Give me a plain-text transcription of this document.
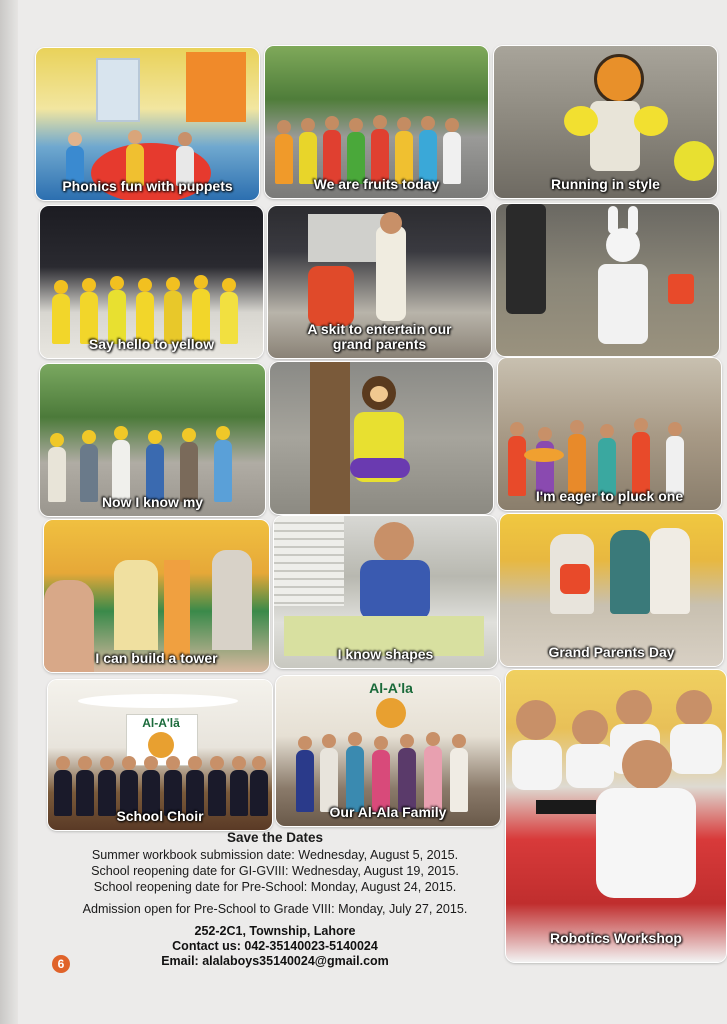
Phonics fun with puppets	We are fruits today	Running in style
Say hello to yellow
A skit to entertain our grand parents
Now I know my	I'm eager to pluck one
I can build a tower	I know shapes	Grand Parents Day
Al-A'lā
School Choir
Al-A'la
Our Al-Ala Family
Robotics Workshop
Save the Dates
Summer workbook submission date: Wednesday, August 5, 2015.
School reopening date for GI-GVIII: Wednesday, August 19, 2015.
School reopening date for Pre-School: Monday, August 24, 2015.
Admission open for Pre-School to Grade VIII: Monday, July 27, 2015.
252-2C1, Township, Lahore
Contact us: 042-35140023-5140024
Email: alalaboys35140024@gmail.com
6
